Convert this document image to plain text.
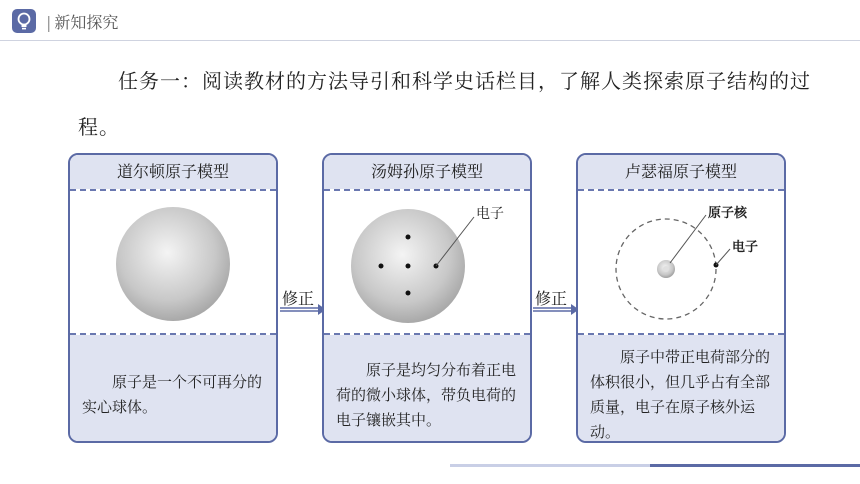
| 新知探究
任务一：阅读教材的方法导引和科学史话栏目，了解人类探索原子结构的过程。
道尔顿原子模型
原子是一个不可再分的实心球体。
修正
汤姆孙原子模型
电子
原子是均匀分布着正电荷的微小球体，带负电荷的电子镶嵌其中。
修正
卢瑟福原子模型
原子核
电子
原子中带正电荷部分的体积很小，但几乎占有全部质量，电子在原子核外运动。
